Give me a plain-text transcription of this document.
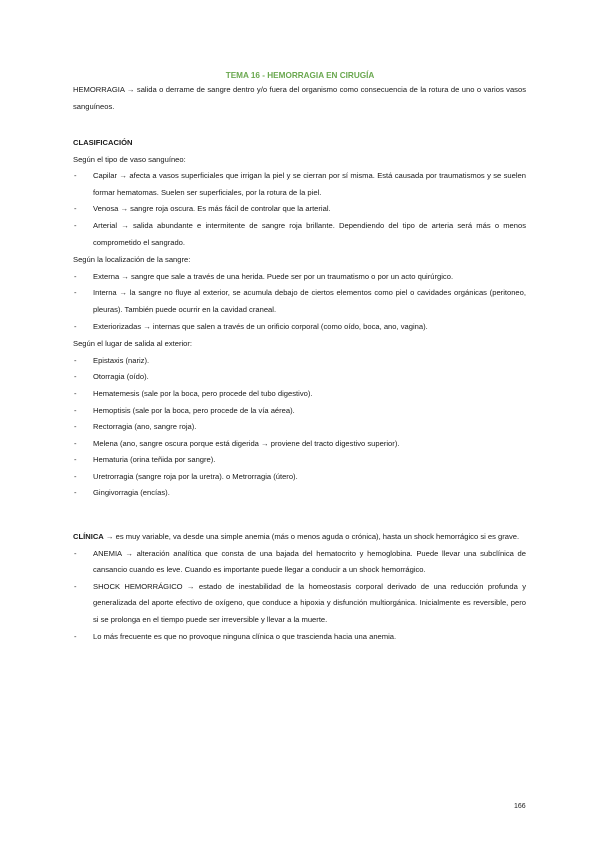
TEMA 16 - HEMORRAGIA EN CIRUGÍA

HEMORRAGIA → salida o derrame de sangre dentro y/o fuera del organismo como consecuencia de la rotura de uno o varios vasos sanguíneos.

CLASIFICACIÓN

Según el tipo de vaso sanguíneo:

- Capilar → afecta a vasos superficiales que irrigan la piel y se cierran por sí misma. Está causada por traumatismos y se suelen formar hematomas. Suelen ser superficiales, por la rotura de la piel.
- Venosa → sangre roja oscura. Es más fácil de controlar que la arterial.
- Arterial → salida abundante e intermitente de sangre roja brillante. Dependiendo del tipo de arteria será más o menos comprometido el sangrado.

Según la localización de la sangre:

- Externa → sangre que sale a través de una herida. Puede ser por un traumatismo o por un acto quirúrgico.
- Interna → la sangre no fluye al exterior, se acumula debajo de ciertos elementos como piel o cavidades orgánicas (peritoneo, pleuras). También puede ocurrir en la cavidad craneal.
- Exteriorizadas → internas que salen a través de un orificio corporal (como oído, boca, ano, vagina).

Según el lugar de salida al exterior:

- Epistaxis (nariz).
- Otorragia (oído).
- Hematemesis (sale por la boca, pero procede del tubo digestivo).
- Hemoptisis (sale por la boca, pero procede de la vía aérea).
- Rectorragia (ano, sangre roja).
- Melena (ano, sangre oscura porque está digerida → proviene del tracto digestivo superior).
- Hematuria (orina teñida por sangre).
- Uretrorragia (sangre roja por la uretra). o Metrorragia (útero).
- Gingivorragia (encías).

CLÍNICA → es muy variable, va desde una simple anemia (más o menos aguda o crónica), hasta un shock hemorrágico si es grave.

- ANEMIA → alteración analítica que consta de una bajada del hematocrito y hemoglobina. Puede llevar una subclínica de cansancio cuando es leve. Cuando es importante puede llegar a conducir a un shock hemorrágico.
- SHOCK HEMORRÁGICO → estado de inestabilidad de la homeostasis corporal derivado de una reducción profunda y generalizada del aporte efectivo de oxígeno, que conduce a hipoxia y disfunción multiorgánica. Inicialmente es reversible, pero si se prolonga en el tiempo puede ser irreversible y llevar a la muerte.
- Lo más frecuente es que no provoque ninguna clínica o que trascienda hacia una anemia.
166
